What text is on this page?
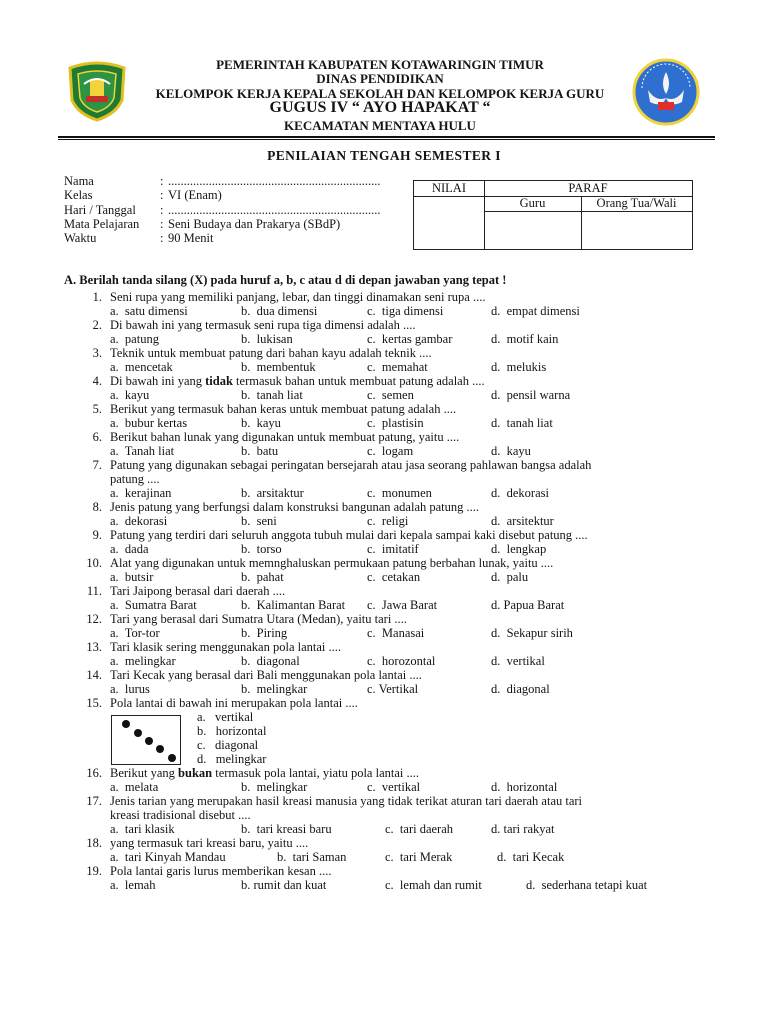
PEMERINTAH KABUPATEN KOTAWARINGIN TIMUR
DINAS PENDIDIKAN
KELOMPOK KERJA KEPALA SEKOLAH DAN KELOMPOK KERJA GURU
GUGUS IV “ AYO HAPAKAT “
KECAMATAN MENTAYA HULU
PENILAIAN TENGAH SEMESTER I
Nama	: ....................................................................
Kelas	: VI (Enam)
Hari / Tanggal : ....................................................................
Mata Pelajaran : Seni Budaya dan Prakarya (SBdP)
Waktu	: 90 Menit
NILAI	PARAF
Guru	Orang Tua/Wali
A. Berilah tanda silang (X) pada huruf a, b, c atau d di depan jawaban yang tepat !
1. Seni rupa yang memiliki panjang, lebar, dan tinggi dinamakan seni rupa ....
a.  satu dimensi	b.  dua dimensi	c.  tiga dimensi	d.  empat dimensi
2. Di bawah ini yang termasuk seni rupa tiga dimensi adalah ....
a.  patung	b.  lukisan	c.  kertas gambar	d.  motif kain
3. Teknik untuk membuat patung dari bahan kayu adalah teknik ....
a.  mencetak	b.  membentuk	c.  memahat	d.  melukis
4. Di bawah ini yang tidak termasuk bahan untuk membuat patung adalah ....
a.  kayu	b.  tanah liat	c.  semen	d.  pensil warna
5. Berikut yang termasuk bahan keras untuk membuat patung adalah ....
a.  bubur kertas	b.  kayu	c.  plastisin	d.  tanah liat
6. Berikut bahan lunak yang digunakan untuk membuat patung, yaitu ....
a.  Tanah liat	b.  batu	c.  logam	d.  kayu
7. Patung yang digunakan sebagai peringatan bersejarah atau jasa seorang pahlawan bangsa adalah
patung ....
a.  kerajinan	b.  arsitaktur	c.  monumen	d.  dekorasi
8. Jenis patung yang berfungsi dalam konstruksi bangunan adalah patung ....
a.  dekorasi	b.  seni	c.  religi	d.  arsitektur
9. Patung yang terdiri dari seluruh anggota tubuh mulai dari kepala sampai kaki disebut patung ....
a.  dada	b.  torso	c.  imitatif	d.  lengkap
10. Alat yang digunakan untuk memnghaluskan permukaan patung berbahan lunak, yaitu ....
a.  butsir	b.  pahat	c.  cetakan	d.  palu
11. Tari Jaipong berasal dari daerah ....
a.  Sumatra Barat	b.  Kalimantan Barat c.  Jawa Barat	d. Papua Barat
12. Tari yang berasal dari Sumatra Utara (Medan), yaitu tari ....
a.  Tor-tor	b.  Piring	c.  Manasai	d.  Sekapur sirih
13. Tari klasik sering menggunakan pola lantai ....
a.  melingkar	b.  diagonal	c.  horozontal	d.  vertikal
14. Tari Kecak yang berasal dari Bali menggunakan pola lantai ....
a.  lurus	b.  melingkar	c. Vertikal	d.  diagonal
15. Pola lantai di bawah ini merupakan pola lantai ....
a.   vertikal
b.   horizontal
c.   diagonal
d.   melingkar
16. Berikut yang bukan termasuk pola lantai, yiatu pola lantai ....
a.  melata	b.  melingkar	c.  vertikal	d.  horizontal
17. Jenis tarian yang merupakan hasil kreasi manusia yang tidak terikat aturan tari daerah atau tari
kreasi tradisional disebut ....
a.  tari klasik	b.  tari kreasi baru	c.  tari daerah	d. tari rakyat
18. yang termasuk tari kreasi baru, yaitu ....
a.  tari Kinyah Mandau	b.  tari Saman	c.  tari Merak	d.  tari Kecak
19. Pola lantai garis lurus memberikan kesan ....
a.  lemah	b. rumit dan kuat	c.  lemah dan rumit	d.  sederhana tetapi kuat
